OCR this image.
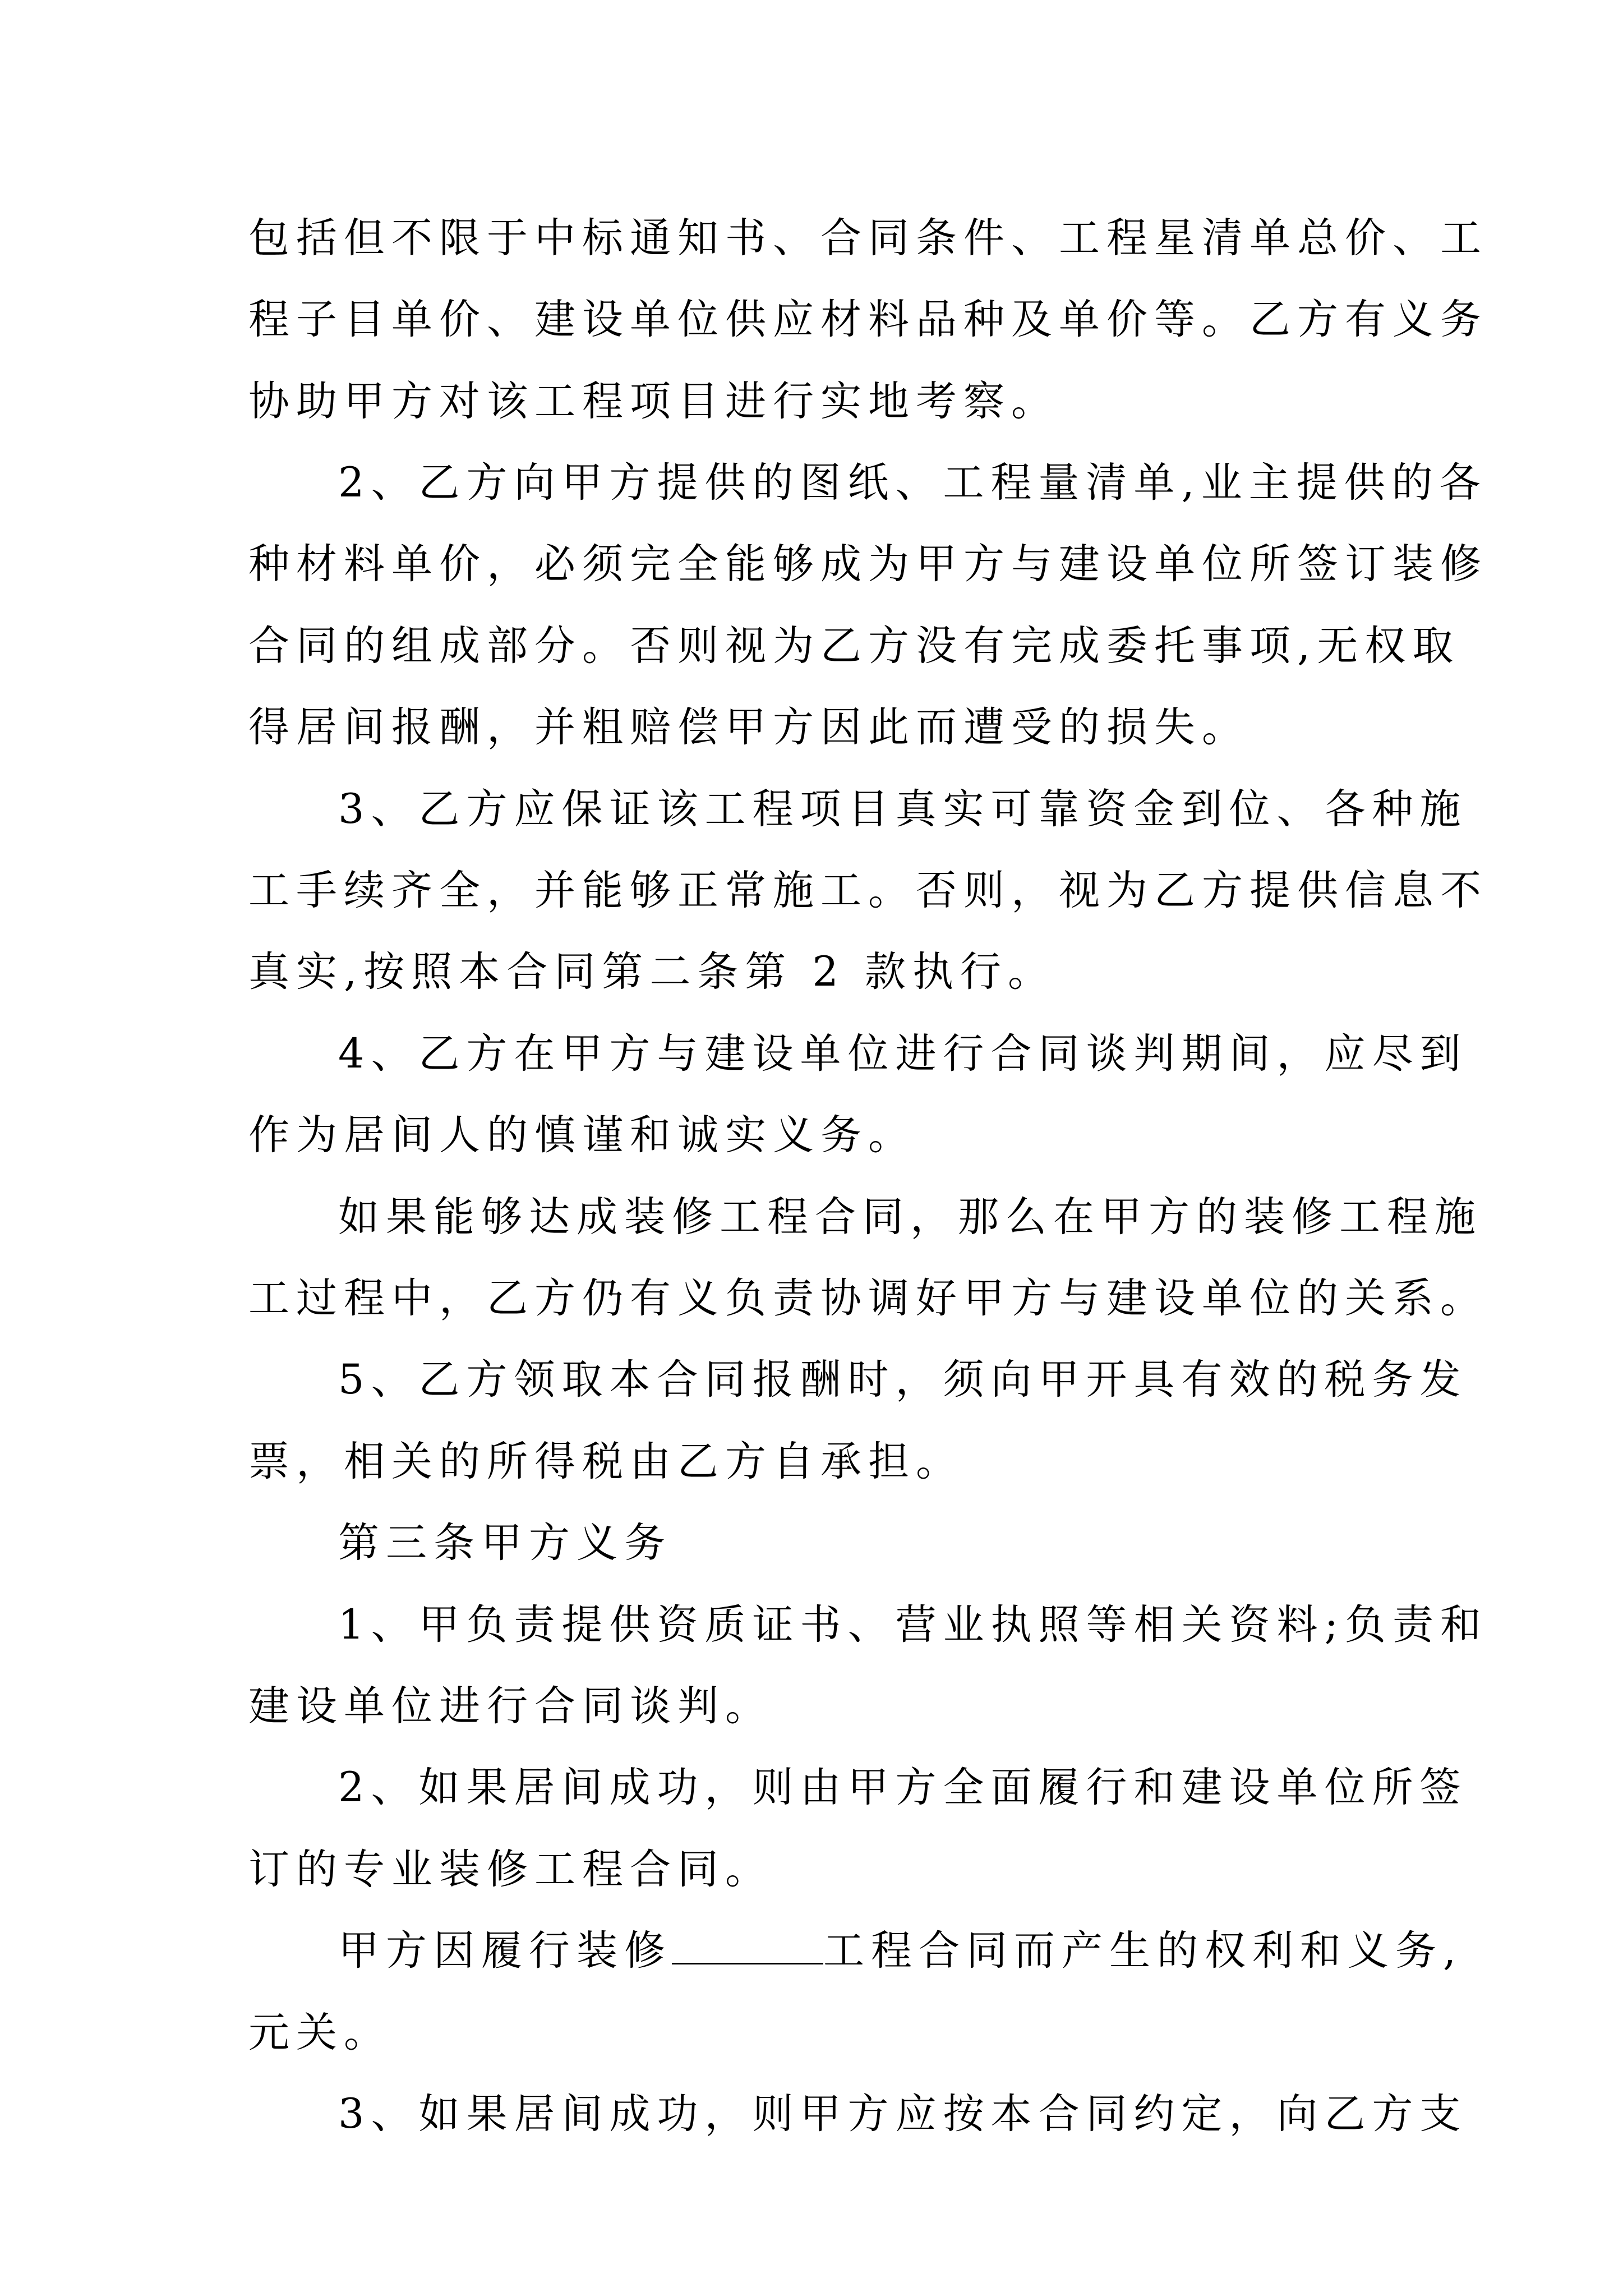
包括但不限于中标通知书、合同条件、工程星清单总价、工
程子目单价、建设单位供应材料品种及单价等。乙方有义务
协助甲方对该工程项目进行实地考察。
2、乙方向甲方提供的图纸、工程量清单,业主提供的各
种材料单价，必须完全能够成为甲方与建设单位所签订装修
合同的组成部分。否则视为乙方没有完成委托事项,无权取
得居间报酬，并粗赔偿甲方因此而遭受的损失。
3、乙方应保证该工程项目真实可靠资金到位、各种施
工手续齐全，并能够正常施工。否则，视为乙方提供信息不
真实,按照本合同第二条第 2 款执行。
4、乙方在甲方与建设单位进行合同谈判期间，应尽到
作为居间人的慎谨和诚实义务。
如果能够达成装修工程合同，那么在甲方的装修工程施
工过程中，乙方仍有义负责协调好甲方与建设单位的关系。
5、乙方领取本合同报酬时，须向甲开具有效的税务发
票，相关的所得税由乙方自承担。
第三条甲方义务
1、甲负责提供资质证书、营业执照等相关资料;负责和
建设单位进行合同谈判。
2、如果居间成功，则由甲方全面履行和建设单位所签
订的专业装修工程合同。
甲方因履行装修	工程合同而产生的权利和义务,
元关。
3、如果居间成功，则甲方应按本合同约定，向乙方支
